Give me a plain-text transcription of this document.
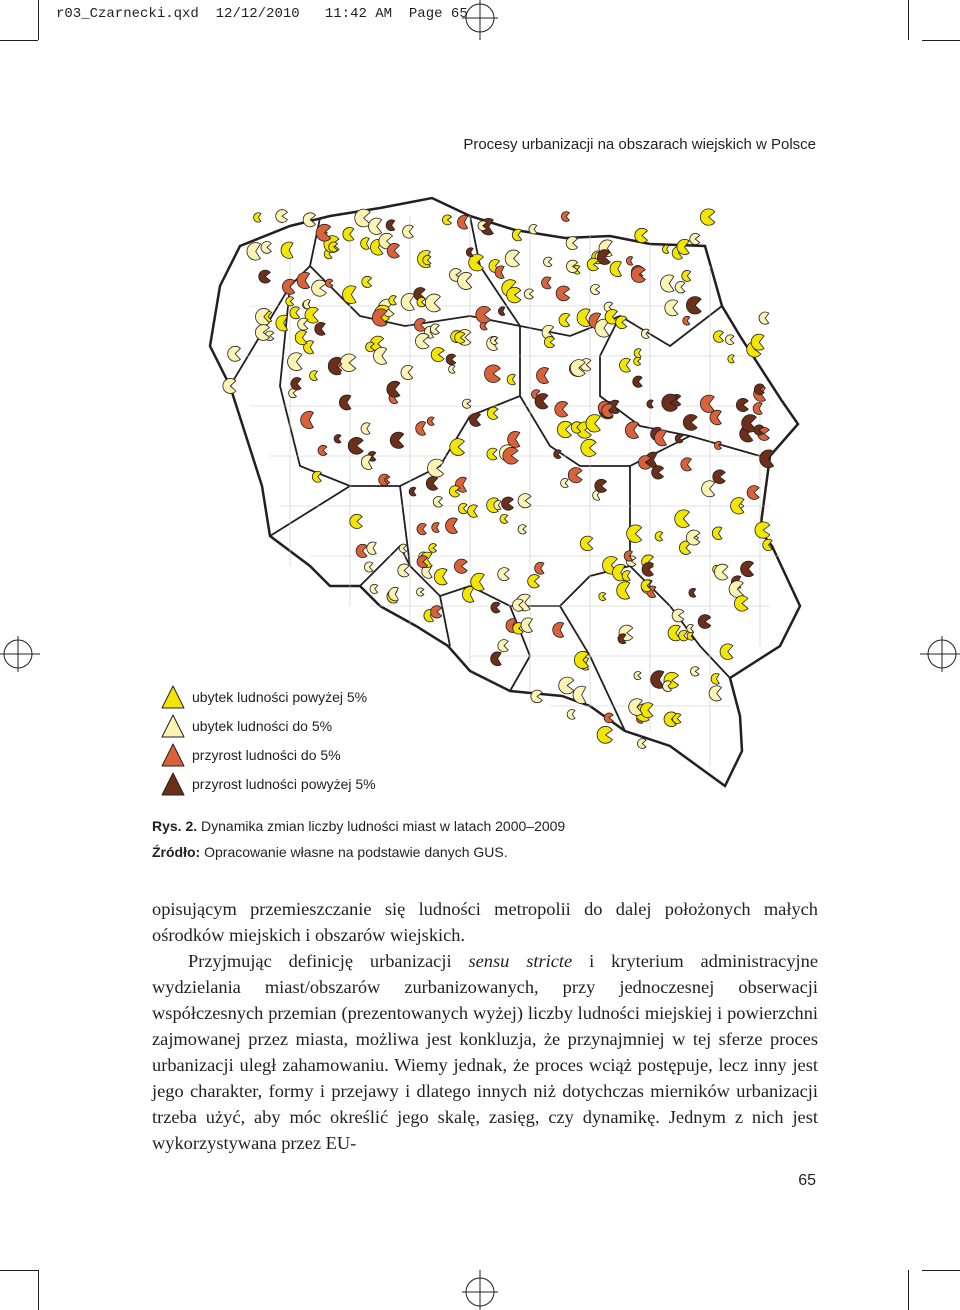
r03_Czarnecki.qxd 12/12/2010 11:42 AM Page 65
Procesy urbanizacji na obszarach wiejskich w Polsce
ubytek ludności powyżej 5%
ubytek ludności do 5%
przyrost ludności do 5%
przyrost ludności powyżej 5%
Rys. 2. Dynamika zmian liczby ludności miast w latach 2000–2009
Źródło: Opracowanie własne na podstawie danych GUS.

opisującym przemieszczanie się ludności metropolii do dalej położonych małych ośrodków miejskich i obszarów wiejskich.

Przyjmując definicję urbanizacji sensu stricte i kryterium administracyjne wydzielania miast/obszarów zurbanizowanych, przy jednoczesnej obserwacji współczesnych przemian (prezentowanych wyżej) liczby ludności miejskiej i powierzchni zajmowanej przez miasta, możliwa jest konkluzja, że przynajmniej w tej sferze proces urbanizacji uległ zahamowaniu. Wiemy jednak, że proces wciąż postępuje, lecz inny jest jego charakter, formy i przejawy i dlatego innych niż dotychczas mierników urbanizacji trzeba użyć, aby móc określić jego skalę, zasięg, czy dynamikę. Jednym z nich jest wykorzystywana przez EU-

65
